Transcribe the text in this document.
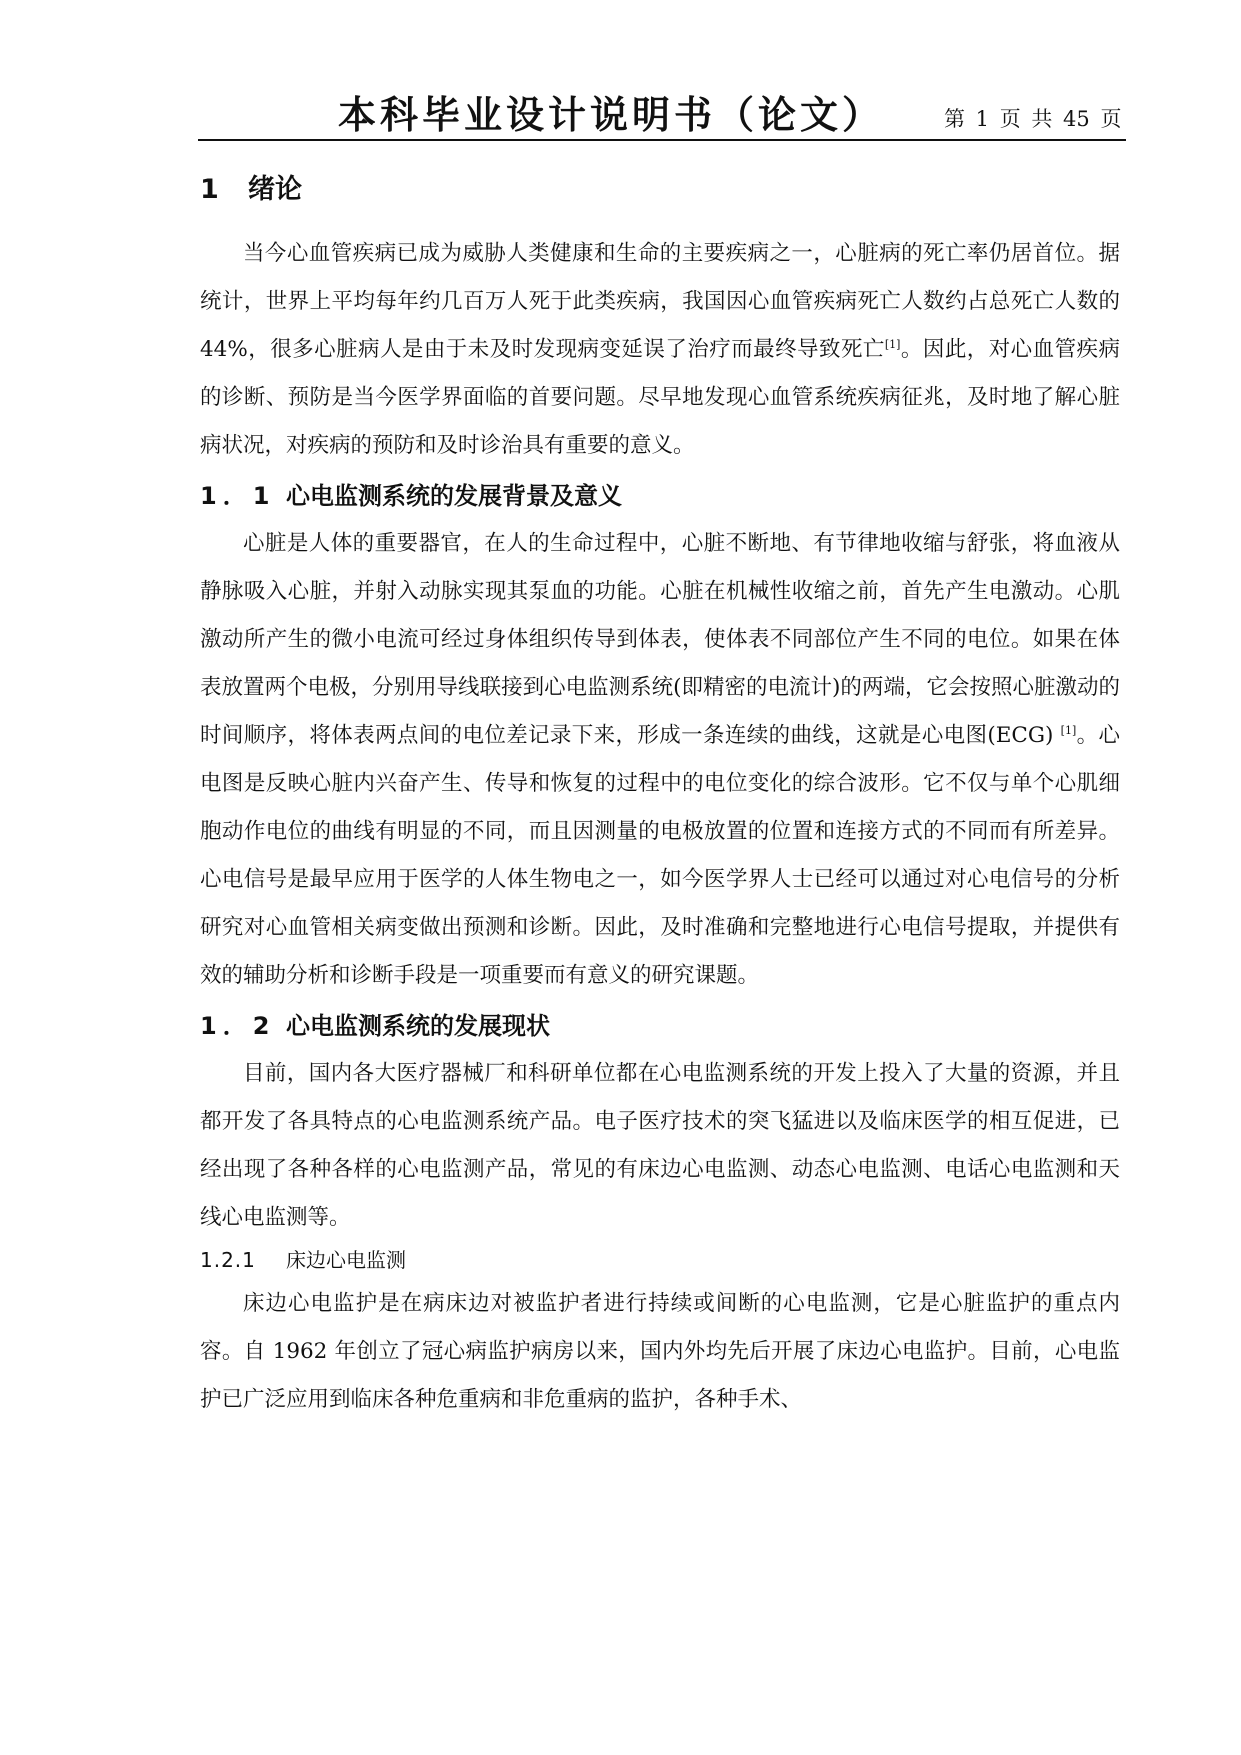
本科毕业设计说明书（论文）	第 1 页 共 45 页
1 绪论

当今心血管疾病已成为威胁人类健康和生命的主要疾病之一，心脏病的死亡率仍居首位。据统计，世界上平均每年约几百万人死于此类疾病，我国因心血管疾病死亡人数约占总死亡人数的44%，很多心脏病人是由于未及时发现病变延误了治疗而最终导致死亡[1]。因此，对心血管疾病的诊断、预防是当今医学界面临的首要问题。尽早地发现心血管系统疾病征兆，及时地了解心脏病状况，对疾病的预防和及时诊治具有重要的意义。

1．1 心电监测系统的发展背景及意义

心脏是人体的重要器官，在人的生命过程中，心脏不断地、有节律地收缩与舒张，将血液从静脉吸入心脏，并射入动脉实现其泵血的功能。心脏在机械性收缩之前，首先产生电激动。心肌激动所产生的微小电流可经过身体组织传导到体表，使体表不同部位产生不同的电位。如果在体表放置两个电极，分别用导线联接到心电监测系统(即精密的电流计)的两端，它会按照心脏激动的时间顺序，将体表两点间的电位差记录下来，形成一条连续的曲线，这就是心电图(ECG) [1]。心电图是反映心脏内兴奋产生、传导和恢复的过程中的电位变化的综合波形。它不仅与单个心肌细胞动作电位的曲线有明显的不同，而且因测量的电极放置的位置和连接方式的不同而有所差异。心电信号是最早应用于医学的人体生物电之一，如今医学界人士已经可以通过对心电信号的分析研究对心血管相关病变做出预测和诊断。因此，及时准确和完整地进行心电信号提取，并提供有效的辅助分析和诊断手段是一项重要而有意义的研究课题。

1．2 心电监测系统的发展现状

目前，国内各大医疗器械厂和科研单位都在心电监测系统的开发上投入了大量的资源，并且都开发了各具特点的心电监测系统产品。电子医疗技术的突飞猛进以及临床医学的相互促进，已经出现了各种各样的心电监测产品，常见的有床边心电监测、动态心电监测、电话心电监测和天线心电监测等。

1.2.1 床边心电监测

床边心电监护是在病床边对被监护者进行持续或间断的心电监测，它是心脏监护的重点内容。自 1962 年创立了冠心病监护病房以来，国内外均先后开展了床边心电监护。目前，心电监护已广泛应用到临床各种危重病和非危重病的监护，各种手术、
